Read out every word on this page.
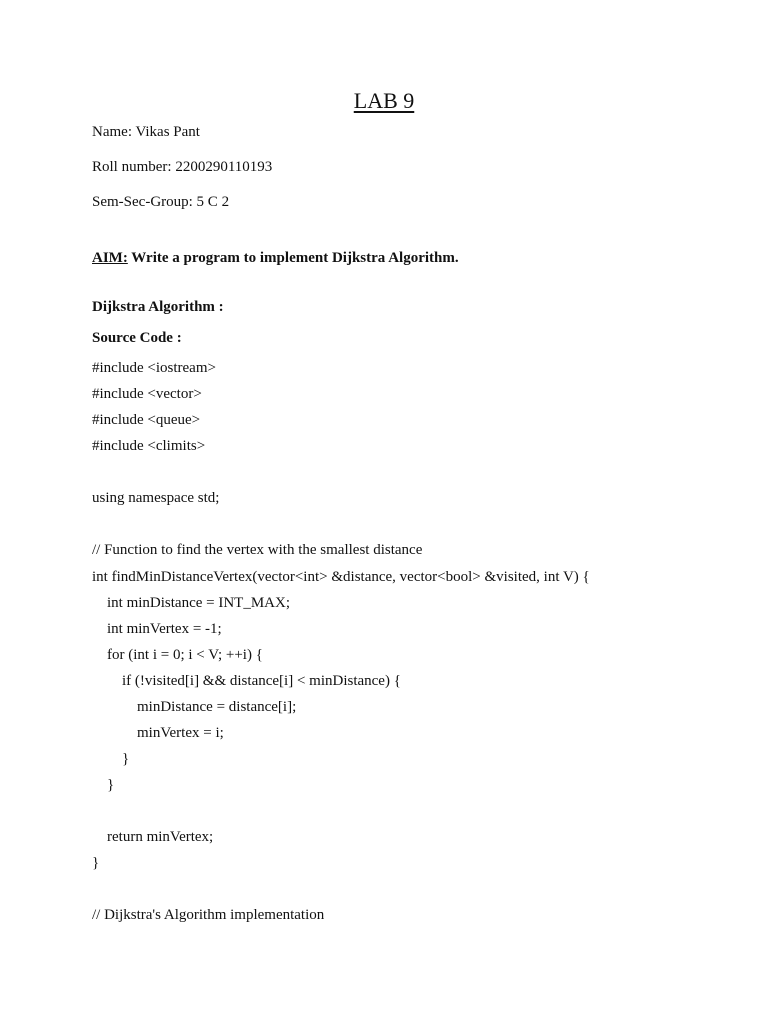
LAB 9
Name: Vikas Pant
Roll number: 2200290110193
Sem-Sec-Group: 5 C 2
AIM: Write a program to implement Dijkstra Algorithm.
Dijkstra Algorithm :
Source Code :
#include <iostream>
#include <vector>
#include <queue>
#include <climits>
using namespace std;
// Function to find the vertex with the smallest distance
int findMinDistanceVertex(vector<int> &distance, vector<bool> &visited, int V) {
int minDistance = INT_MAX;
int minVertex = -1;
for (int i = 0; i < V; ++i) {
if (!visited[i] && distance[i] < minDistance) {
minDistance = distance[i];
minVertex = i;
}
}
return minVertex;
}
// Dijkstra's Algorithm implementation
